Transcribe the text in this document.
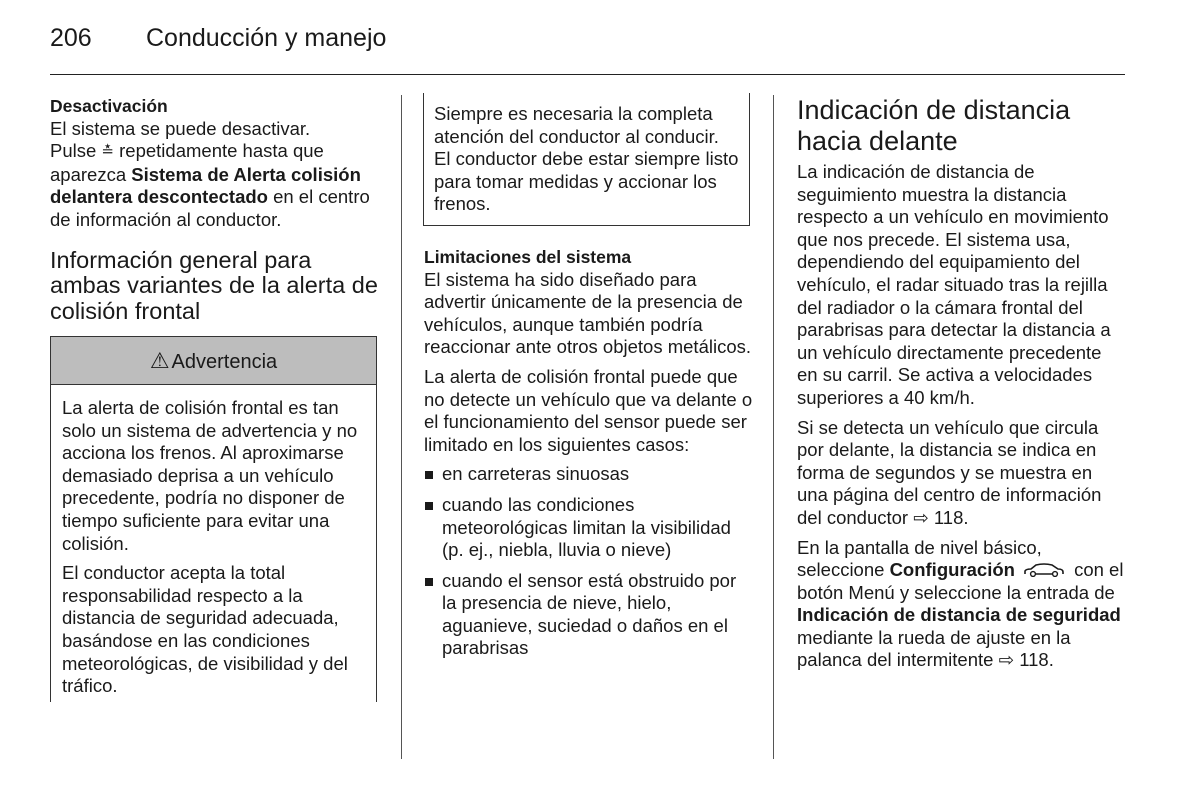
206 Conducción y manejo
Desactivación

El sistema se puede desactivar.

Pulse ≛ repetidamente hasta que aparezca Sistema de Alerta colisión delantera descontectado en el centro de información al conductor.

Información general para ambas variantes de la alerta de colisión frontal
⚠ Advertencia

La alerta de colisión frontal es tan solo un sistema de advertencia y no acciona los frenos. Al aproximarse demasiado deprisa a un vehículo precedente, podría no disponer de tiempo suficiente para evitar una colisión.

El conductor acepta la total responsabilidad respecto a la distancia de seguridad adecuada, basándose en las condiciones meteorológicas, de visibilidad y del tráfico.

Siempre es necesaria la completa atención del conductor al conducir. El conductor debe estar siempre listo para tomar medidas y accionar los frenos.
Limitaciones del sistema

El sistema ha sido diseñado para advertir únicamente de la presencia de vehículos, aunque también podría reaccionar ante otros objetos metálicos.

La alerta de colisión frontal puede que no detecte un vehículo que va delante o el funcionamiento del sensor puede ser limitado en los siguientes casos:

en carreteras sinuosas
cuando las condiciones meteorológicas limitan la visibilidad (p. ej., niebla, lluvia o nieve)
cuando el sensor está obstruido por la presencia de nieve, hielo, aguanieve, suciedad o daños en el parabrisas
Indicación de distancia hacia delante

La indicación de distancia de seguimiento muestra la distancia respecto a un vehículo en movimiento que nos precede. El sistema usa, dependiendo del equipamiento del vehículo, el radar situado tras la rejilla del radiador o la cámara frontal del parabrisas para detectar la distancia a un vehículo directamente precedente en su carril. Se activa a velocidades superiores a 40 km/h.

Si se detecta un vehículo que circula por delante, la distancia se indica en forma de segundos y se muestra en una página del centro de información del conductor ⇨ 118.

En la pantalla de nivel básico, seleccione Configuración	con el botón Menú y seleccione la entrada de Indicación de distancia de seguridad mediante la rueda de ajuste en la palanca del intermitente ⇨ 118.
